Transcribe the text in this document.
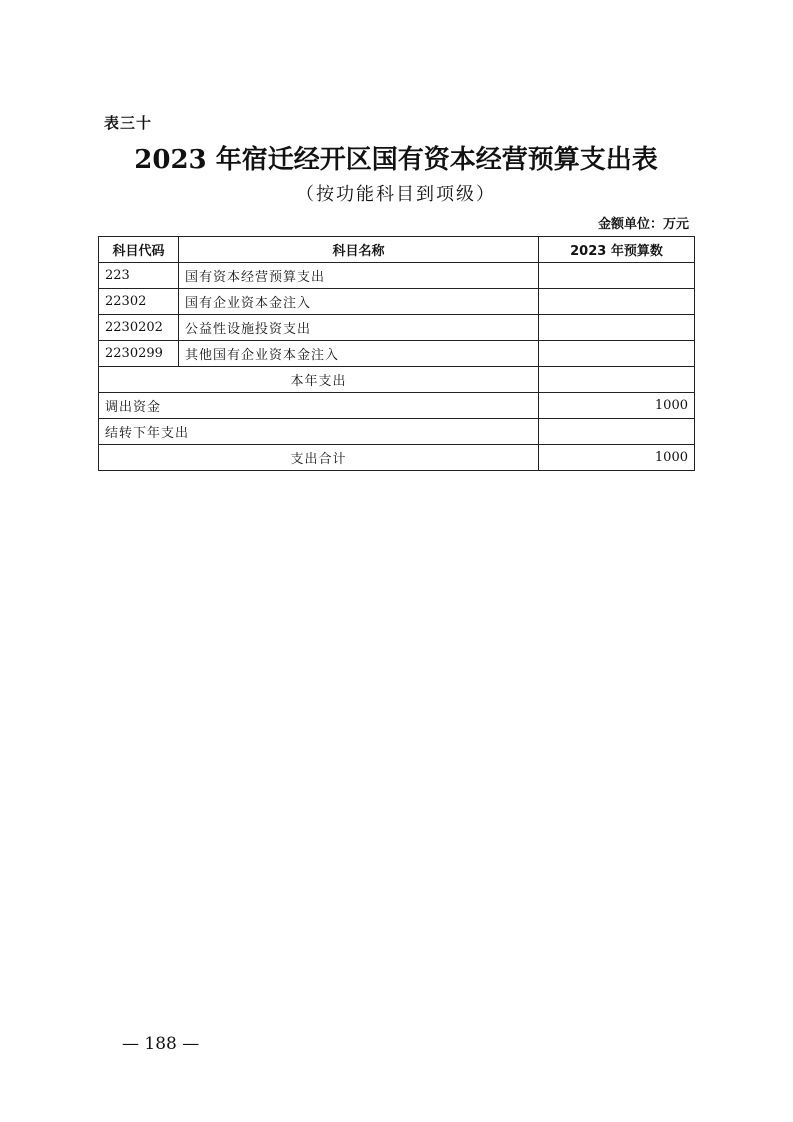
表三十
2023 年宿迁经开区国有资本经营预算支出表
（按功能科目到项级）
金额单位：万元
科目代码	科目名称	2023 年预算数
223	国有资本经营预算支出	
22302	国有企业资本金注入	
2230202	公益性设施投资支出	
2230299	其他国有企业资本金注入	
本年支出		
调出资金		1000
结转下年支出		
支出合计		1000
— 188 —
